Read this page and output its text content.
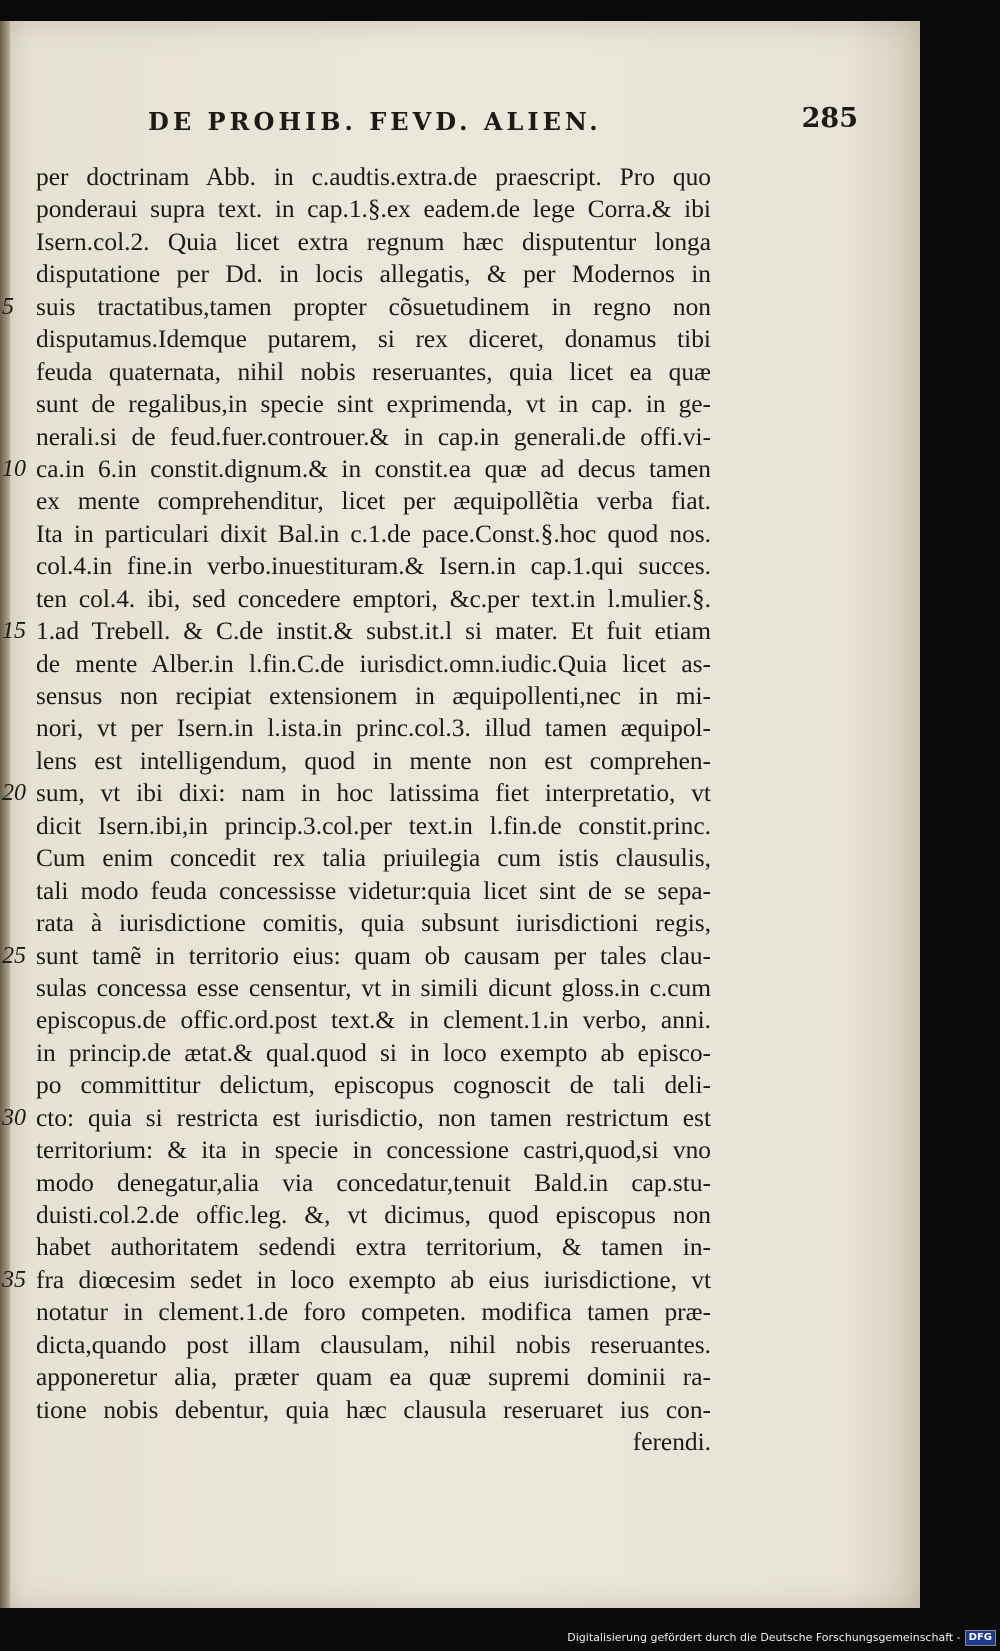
DE PROHIB. FEVD. ALIEN.	285
per doctrinam Abb. in c.audtis.extra.de praescript. Pro quo
ponderaui supra text. in cap.1.§.ex eadem.de lege Corra.& ibi
Isern.col.2. Quia licet extra regnum hæc disputentur longa
disputatione per Dd. in locis allegatis, & per Modernos in
5 suis tractatibus,tamen propter cõsuetudinem in regno non
disputamus.Idemque putarem, si rex diceret, donamus tibi
feuda quaternata, nihil nobis reseruantes, quia licet ea quæ
sunt de regalibus,in specie sint exprimenda, vt in cap. in ge-
nerali.si de feud.fuer.controuer.& in cap.in generali.de offi.vi-
10 ca.in 6.in constit.dignum.& in constit.ea quæ ad decus tamen
ex mente comprehenditur, licet per æquipollẽtia verba fiat.
Ita in particulari dixit Bal.in c.1.de pace.Const.§.hoc quod nos.
col.4.in fine.in verbo.inuestituram.& Isern.in cap.1.qui succes.
ten col.4. ibi, sed concedere emptori, &c.per text.in l.mulier.§.
15 1.ad Trebell. & C.de instit.& subst.it.l si mater. Et fuit etiam
de mente Alber.in l.fin.C.de iurisdict.omn.iudic.Quia licet as-
sensus non recipiat extensionem in æquipollenti,nec in mi-
nori, vt per Isern.in l.ista.in princ.col.3. illud tamen æquipol-
lens est intelligendum, quod in mente non est comprehen-
20 sum, vt ibi dixi: nam in hoc latissima fiet interpretatio, vt
dicit Isern.ibi,in princip.3.col.per text.in l.fin.de constit.princ.
Cum enim concedit rex talia priuilegia cum istis clausulis,
tali modo feuda concessisse videtur:quia licet sint de se sepa-
rata à iurisdictione comitis, quia subsunt iurisdictioni regis,
25 sunt tamẽ in territorio eius: quam ob causam per tales clau-
sulas concessa esse censentur, vt in simili dicunt gloss.in c.cum
episcopus.de offic.ord.post text.& in clement.1.in verbo, anni.
in princip.de ætat.& qual.quod si in loco exempto ab episco-
po committitur delictum, episcopus cognoscit de tali deli-
30 cto: quia si restricta est iurisdictio, non tamen restrictum est
territorium: & ita in specie in concessione castri,quod,si vno
modo denegatur,alia via concedatur,tenuit Bald.in cap.stu-
duisti.col.2.de offic.leg. &, vt dicimus, quod episcopus non
habet authoritatem sedendi extra territorium, & tamen in-
35 fra diœcesim sedet in loco exempto ab eius iurisdictione, vt
notatur in clement.1.de foro competen. modifica tamen præ-
dicta,quando post illam clausulam, nihil nobis reseruantes.
apponeretur alia, præter quam ea quæ supremi dominii ra-
tione nobis debentur, quia hæc clausula reseruaret ius con-
ferendi.
Digitalisierung gefördert durch die Deutsche Forschungsgemeinschaft - DFG
